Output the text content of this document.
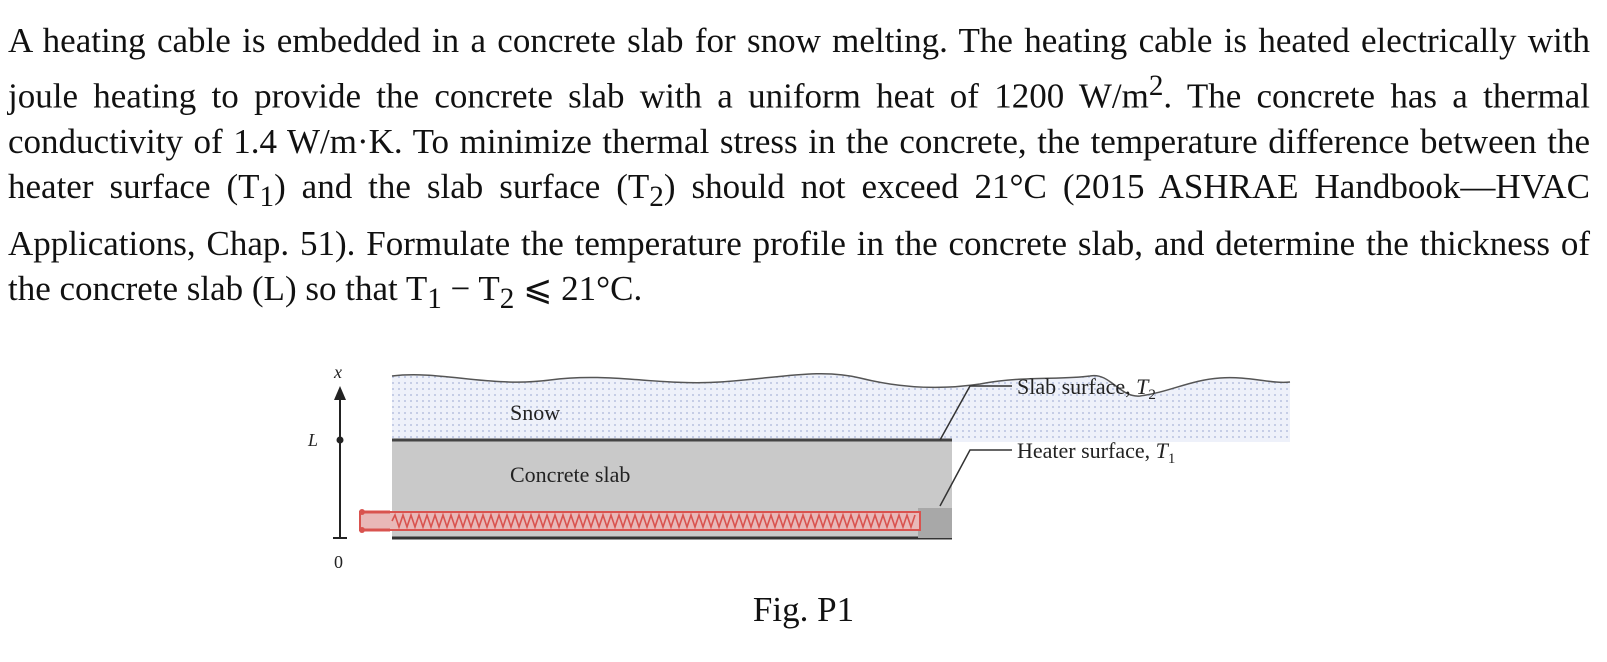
A heating cable is embedded in a concrete slab for snow melting. The heating cable is heated electrically with joule heating to provide the concrete slab with a uniform heat of 1200 $W/m^2$. The concrete has a thermal conductivity of 1.4 W/m·K. To minimize thermal stress in the concrete, the temperature difference between the heater surface $(T_1)$ and the slab surface $(T_2)$ should not exceed 21°C (2015 ASHRAE Handbook—HVAC Applications, Chap. 51). Formulate the temperature profile in the concrete slab, and determine the thickness of the concrete slab (L) so that $T_1 - T_2$ ⩽ 21°C.

x
L
0
Snow
Concrete slab
Slab surface, $T_2$
Heater surface, $T_1$
Fig. P1
